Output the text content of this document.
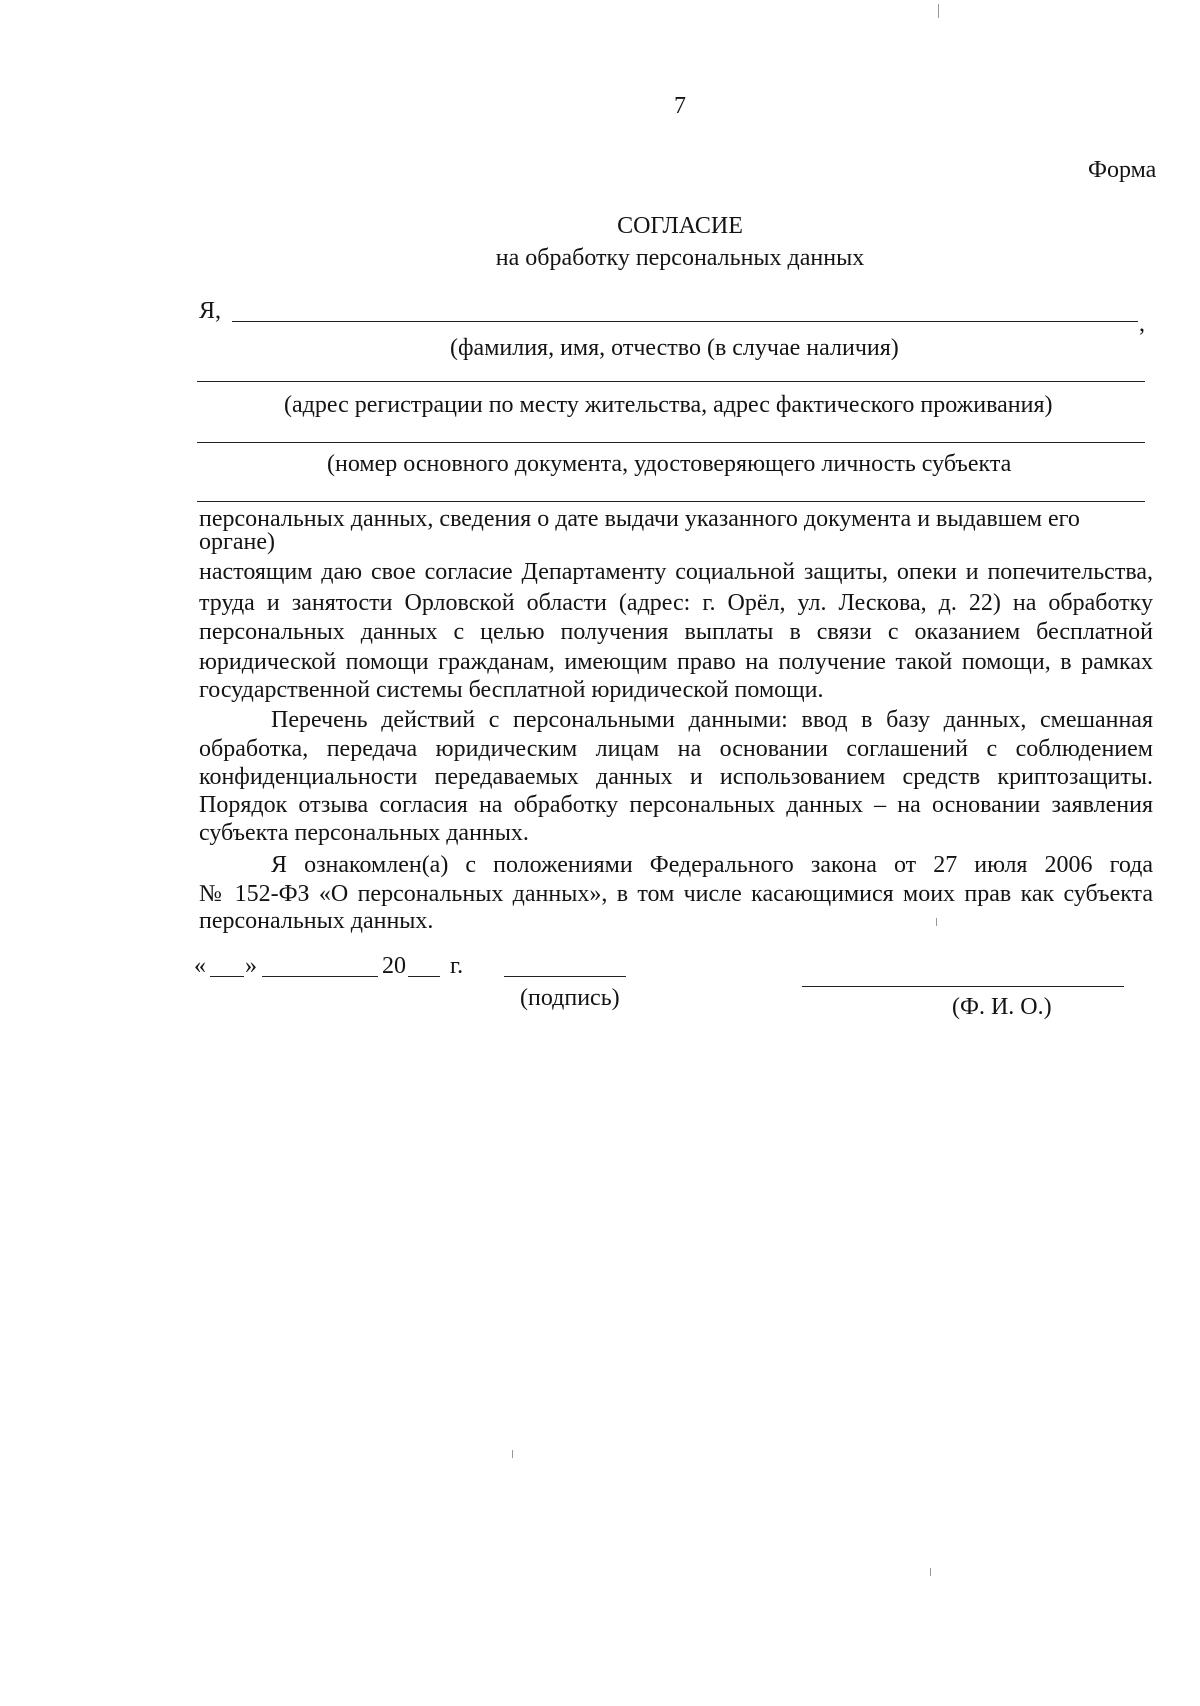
7
Форма
СОГЛАСИЕ
на обработку персональных данных
Я,	,
(фамилия, имя, отчество (в случае наличия)
(адрес регистрации по месту жительства, адрес фактического проживания)
(номер основного документа, удостоверяющего личность субъекта
персональных данных, сведения о дате выдачи указанного документа и выдавшем его
органе)
настоящим даю свое согласие Департаменту социальной защиты, опеки и попечительства,
труда и занятости Орловской области (адрес: г. Орёл, ул. Лескова, д. 22) на обработку
персональных данных с целью получения выплаты в связи с оказанием бесплатной
юридической помощи гражданам, имеющим право на получение такой помощи, в рамках
государственной системы бесплатной юридической помощи.
Перечень действий с персональными данными: ввод в базу данных, смешанная
обработка, передача юридическим лицам на основании соглашений с соблюдением
конфиденциальности передаваемых данных и использованием средств криптозащиты.
Порядок отзыва согласия на обработку персональных данных – на основании заявления
субъекта персональных данных.
Я ознакомлен(а) с положениями Федерального закона от 27 июля 2006 года
№ 152-ФЗ «О персональных данных», в том числе касающимися моих прав как субъекта
персональных данных.
« »	20 г.
(подпись)	(Ф. И. О.)
